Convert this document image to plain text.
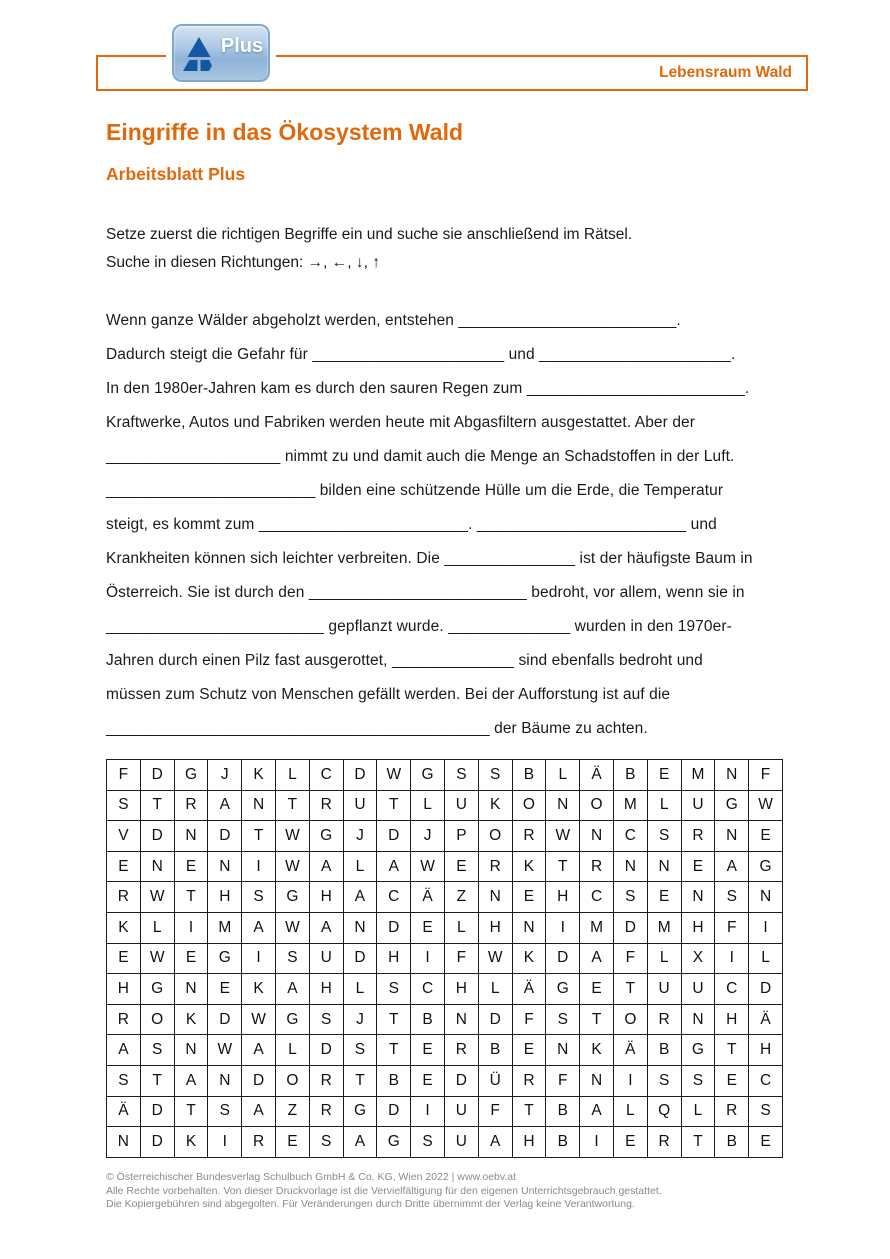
Lebensraum Wald
Plus
Eingriffe in das Ökosystem Wald
Arbeitsblatt Plus
Setze zuerst die richtigen Begriffe ein und suche sie anschließend im Rätsel.
Suche in diesen Richtungen: →, ←, ↓, ↑
Wenn ganze Wälder abgeholzt werden, entstehen _________________________.
Dadurch steigt die Gefahr für ______________________ und ______________________.
In den 1980er-Jahren kam es durch den sauren Regen zum _________________________.
Kraftwerke, Autos und Fabriken werden heute mit Abgasfiltern ausgestattet. Aber der
____________________ nimmt zu und damit auch die Menge an Schadstoffen in der Luft.
________________________ bilden eine schützende Hülle um die Erde, die Temperatur
steigt, es kommt zum ________________________. ________________________ und
Krankheiten können sich leichter verbreiten. Die _______________ ist der häufigste Baum in
Österreich. Sie ist durch den _________________________ bedroht, vor allem, wenn sie in
_________________________ gepflanzt wurde. ______________ wurden in den 1970er-
Jahren durch einen Pilz fast ausgerottet, ______________ sind ebenfalls bedroht und
müssen zum Schutz von Menschen gefällt werden. Bei der Aufforstung ist auf die
____________________________________________ der Bäume zu achten.
F	D	G	J	K	L	C	D	W	G	S	S	B	L	Ä	B	E	M	N	F
S	T	R	A	N	T	R	U	T	L	U	K	O	N	O	M	L	U	G	W
V	D	N	D	T	W	G	J	D	J	P	O	R	W	N	C	S	R	N	E
E	N	E	N	I	W	A	L	A	W	E	R	K	T	R	N	N	E	A	G
R	W	T	H	S	G	H	A	C	Ä	Z	N	E	H	C	S	E	N	S	N
K	L	I	M	A	W	A	N	D	E	L	H	N	I	M	D	M	H	F	I
E	W	E	G	I	S	U	D	H	I	F	W	K	D	A	F	L	X	I	L
H	G	N	E	K	A	H	L	S	C	H	L	Ä	G	E	T	U	U	C	D
R	O	K	D	W	G	S	J	T	B	N	D	F	S	T	O	R	N	H	Ä
A	S	N	W	A	L	D	S	T	E	R	B	E	N	K	Ä	B	G	T	H
S	T	A	N	D	O	R	T	B	E	D	Ü	R	F	N	I	S	S	E	C
Ä	D	T	S	A	Z	R	G	D	I	U	F	T	B	A	L	Q	L	R	S
N	D	K	I	R	E	S	A	G	S	U	A	H	B	I	E	R	T	B	E
© Österreichischer Bundesverlag Schulbuch GmbH & Co. KG, Wien 2022 | www.oebv.at
Alle Rechte vorbehalten. Von dieser Druckvorlage ist die Vervielfältigung für den eigenen Unterrichtsgebrauch gestattet.
Die Kopiergebühren sind abgegolten. Für Veränderungen durch Dritte übernimmt der Verlag keine Verantwortung.
